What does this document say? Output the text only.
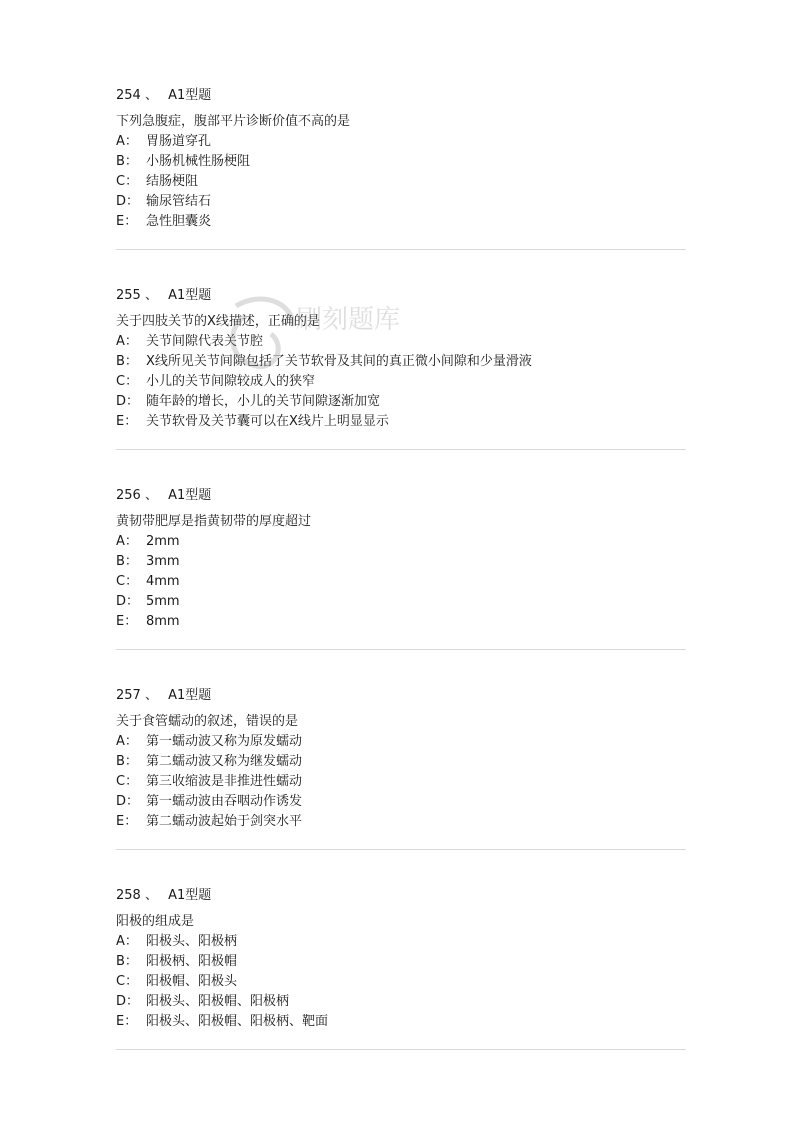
254 、 A1型题
下列急腹症，腹部平片诊断价值不高的是
A： 胃肠道穿孔
B： 小肠机械性肠梗阻
C： 结肠梗阻
D： 输尿管结石
E： 急性胆囊炎
255 、 A1型题
关于四肢关节的X线描述，正确的是
A： 关节间隙代表关节腔
B： X线所见关节间隙包括了关节软骨及其间的真正微小间隙和少量滑液
C： 小儿的关节间隙较成人的狭窄
D： 随年龄的增长，小儿的关节间隙逐渐加宽
E： 关节软骨及关节囊可以在X线片上明显显示
256 、 A1型题
黄韧带肥厚是指黄韧带的厚度超过
A： 2mm
B： 3mm
C： 4mm
D： 5mm
E： 8mm
257 、 A1型题
关于食管蠕动的叙述，错误的是
A： 第一蠕动波又称为原发蠕动
B： 第二蠕动波又称为继发蠕动
C： 第三收缩波是非推进性蠕动
D： 第一蠕动波由吞咽动作诱发
E： 第二蠕动波起始于剑突水平
258 、 A1型题
阳极的组成是
A： 阳极头、阳极柄
B： 阳极柄、阳极帽
C： 阳极帽、阳极头
D： 阳极头、阳极帽、阳极柄
E： 阳极头、阳极帽、阳极柄、靶面
刷刻题库
